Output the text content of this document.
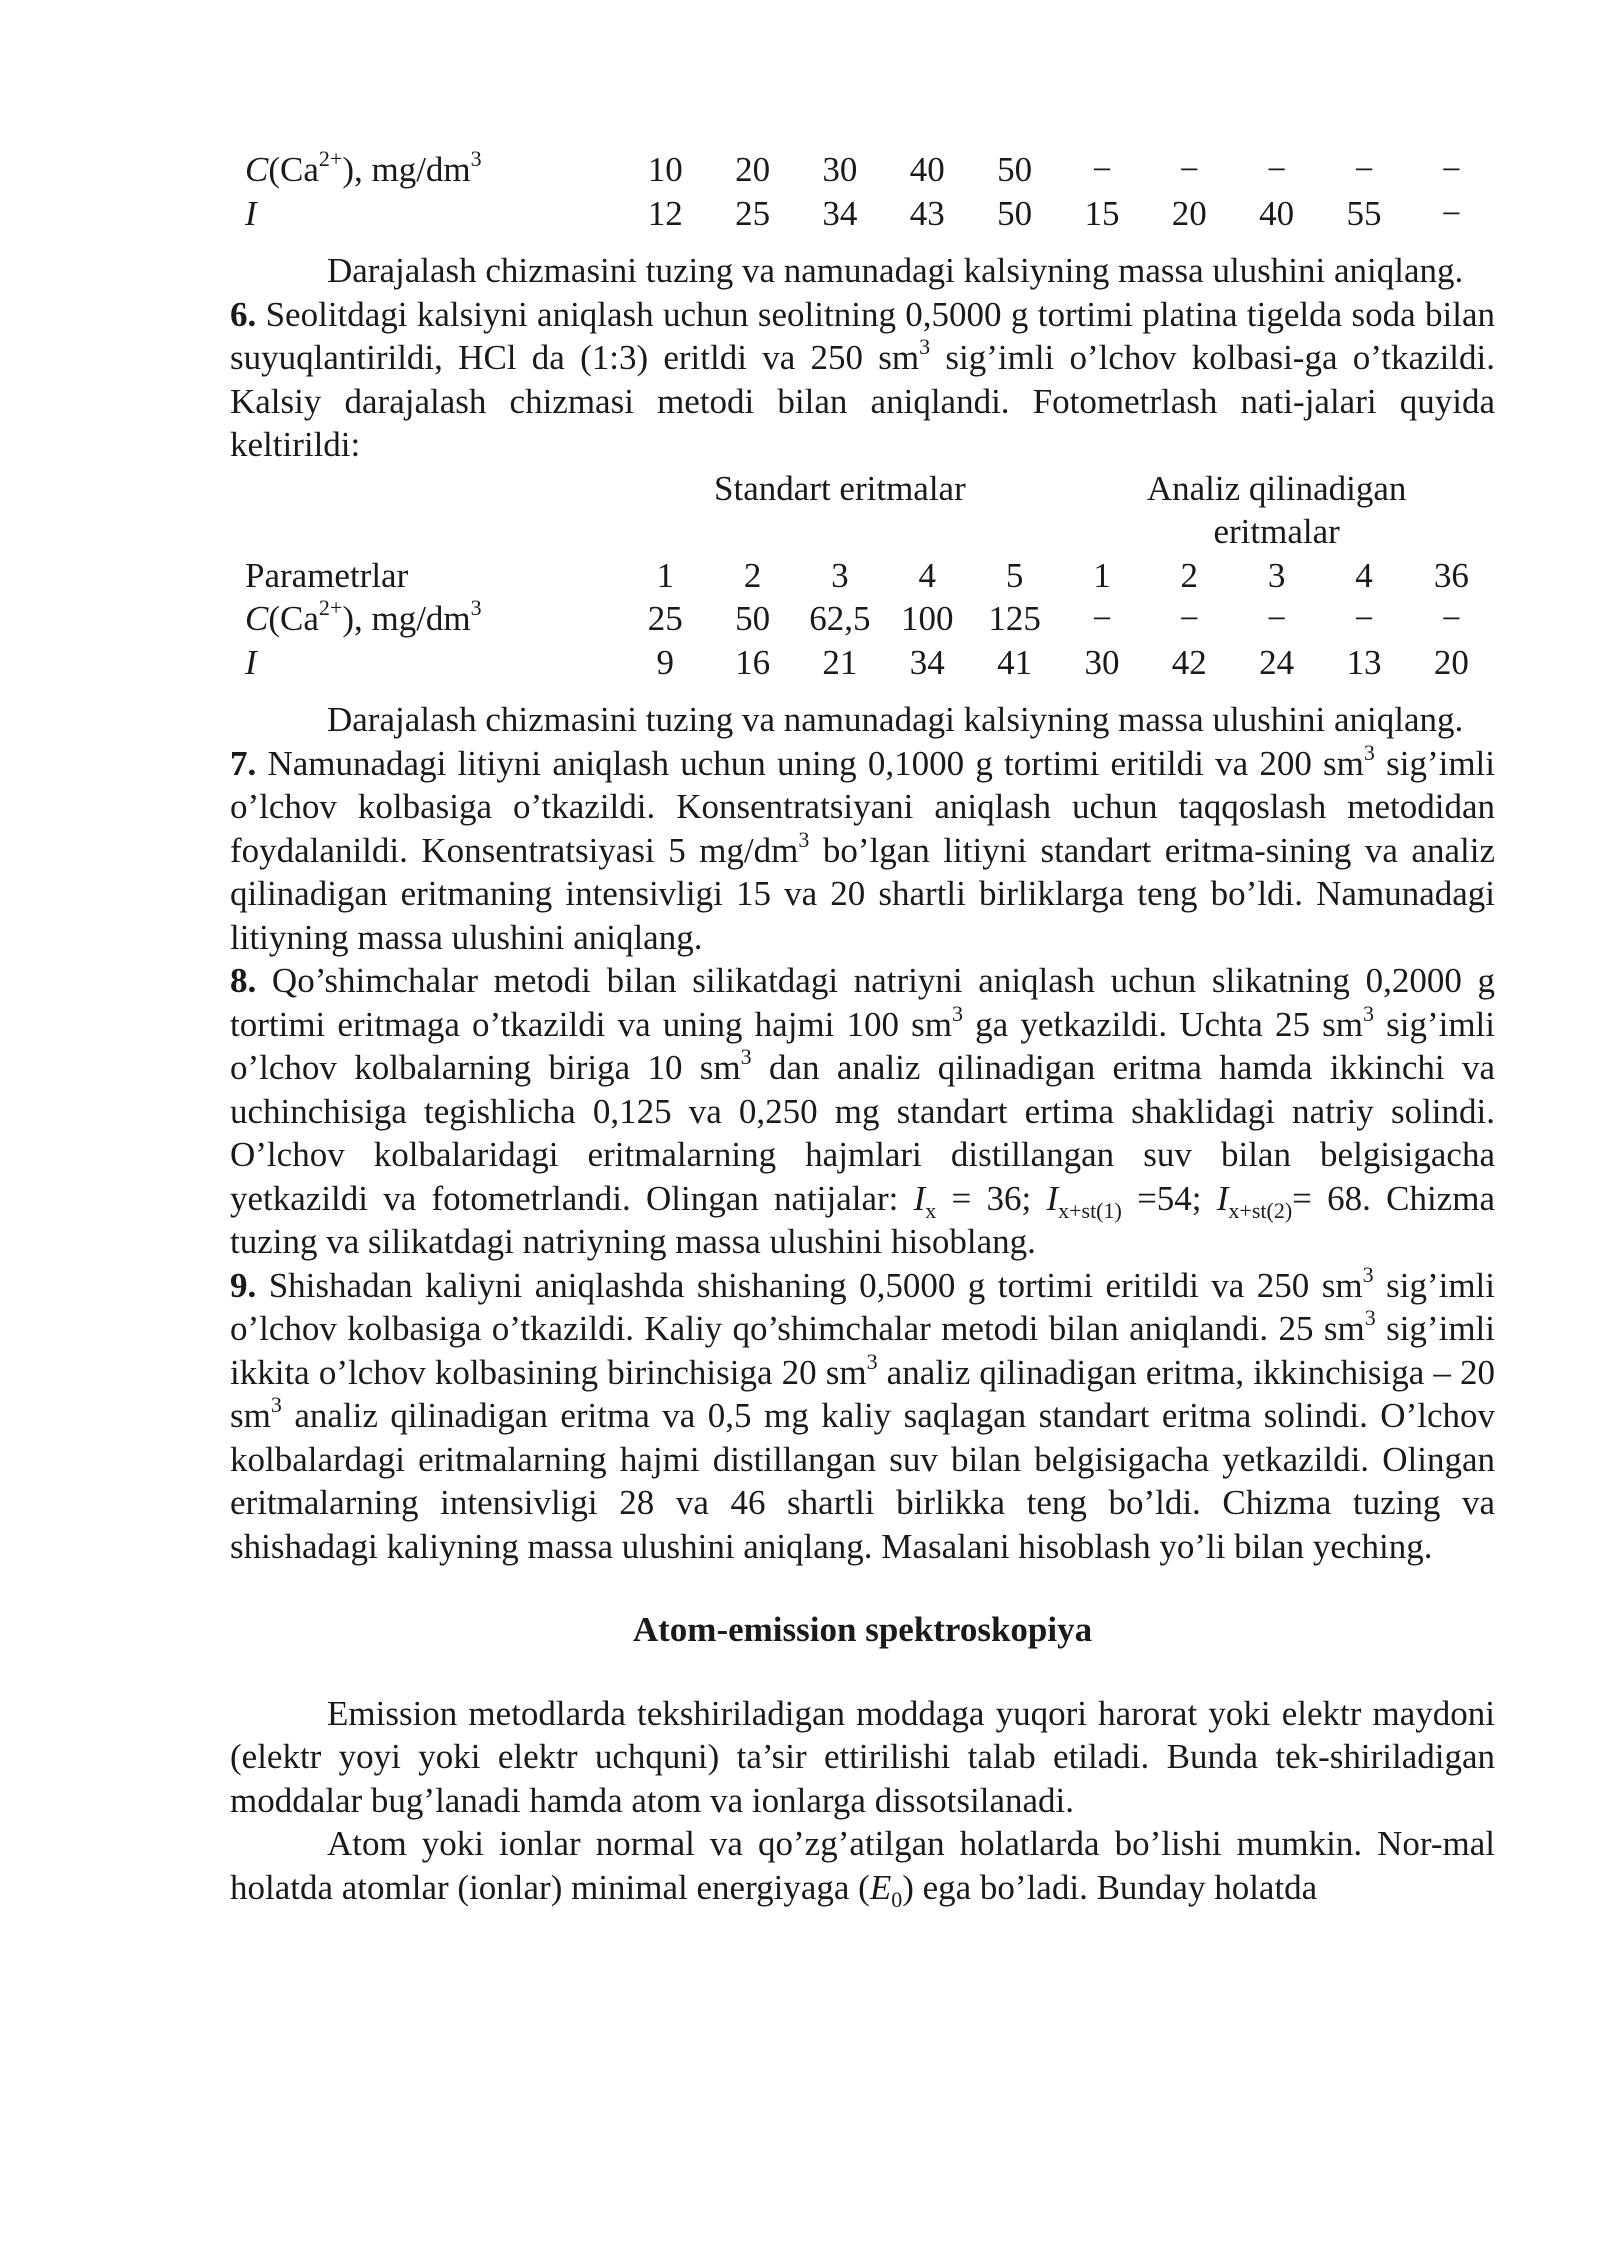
$C(Ca^{2+})$, $mg/dm^3$	10	20	30	40	50	−	−	−	−	−
I	12	25	34	43	50	15	20	40	55	−

Darajalash chizmasini tuzing va namunadagi kalsiyning massa ulushini aniqlang.

6. Seolitdagi kalsiyni aniqlash uchun seolitning 0,5000 g tortimi platina tigelda soda bilan suyuqlantirildi, HCl da (1:3) eritldi va 250 $sm^3$ sig’imli o’lchov kolbasi-ga o’tkazildi. Kalsiy darajalash chizmasi metodi bilan aniqlandi. Fotometrlash nati-jalari quyida keltirildi:

	Standart eritmalar					Analiz qilinadigan
eritmalar				
Parametrlar	1	2	3	4	5	1	2	3	4	36
$C(Ca^{2+})$, $mg/dm^3$	25	50	62,5	100	125	−	−	−	−	−
I	9	16	21	34	41	30	42	24	13	20

Darajalash chizmasini tuzing va namunadagi kalsiyning massa ulushini aniqlang.

7. Namunadagi litiyni aniqlash uchun uning 0,1000 g tortimi eritildi va 200 $sm^3$ sig’imli o’lchov kolbasiga o’tkazildi. Konsentratsiyani aniqlash uchun taqqoslash metodidan foydalanildi. Konsentratsiyasi 5 $mg/dm^3$ bo’lgan litiyni standart eritma-sining va analiz qilinadigan eritmaning intensivligi 15 va 20 shartli birliklarga teng bo’ldi. Namunadagi litiyning massa ulushini aniqlang.

8. Qo’shimchalar metodi bilan silikatdagi natriyni aniqlash uchun slikatning 0,2000 g tortimi eritmaga o’tkazildi va uning hajmi 100 $sm^3$ ga yetkazildi. Uchta 25 $sm^3$ sig’imli o’lchov kolbalarning biriga 10 $sm^3$ dan analiz qilinadigan eritma hamda ikkinchi va uchinchisiga tegishlicha 0,125 va 0,250 mg standart ertima shaklidagi natriy solindi. O’lchov kolbalaridagi eritmalarning hajmlari distillangan suv bilan belgisigacha yetkazildi va fotometrlandi. Olingan natijalar: $I_x = 36$; $I_{x+st(1)} =54$; $I_{x+st(2)}= 68$. Chizma tuzing va silikatdagi natriyning massa ulushini hisoblang.

9. Shishadan kaliyni aniqlashda shishaning 0,5000 g tortimi eritildi va 250 $sm^3$ sig’imli o’lchov kolbasiga o’tkazildi. Kaliy qo’shimchalar metodi bilan aniqlandi. 25 $sm^3$ sig’imli ikkita o’lchov kolbasining birinchisiga 20 $sm^3$ analiz qilinadigan eritma, ikkinchisiga – 20 $sm^3$ analiz qilinadigan eritma va 0,5 mg kaliy saqlagan standart eritma solindi. O’lchov kolbalardagi eritmalarning hajmi distillangan suv bilan belgisigacha yetkazildi. Olingan eritmalarning intensivligi 28 va 46 shartli birlikka teng bo’ldi. Chizma tuzing va shishadagi kaliyning massa ulushini aniqlang. Masalani hisoblash yo’li bilan yeching.

Atom-emission spektroskopiya

Emission metodlarda tekshiriladigan moddaga yuqori harorat yoki elektr maydoni (elektr yoyi yoki elektr uchquni) ta’sir ettirilishi talab etiladi. Bunda tek-shiriladigan moddalar bug’lanadi hamda atom va ionlarga dissotsilanadi.

Atom yoki ionlar normal va qo’zg’atilgan holatlarda bo’lishi mumkin. Nor-mal holatda atomlar (ionlar) minimal energiyaga $(E_0)$ ega bo’ladi. Bunday holatda
